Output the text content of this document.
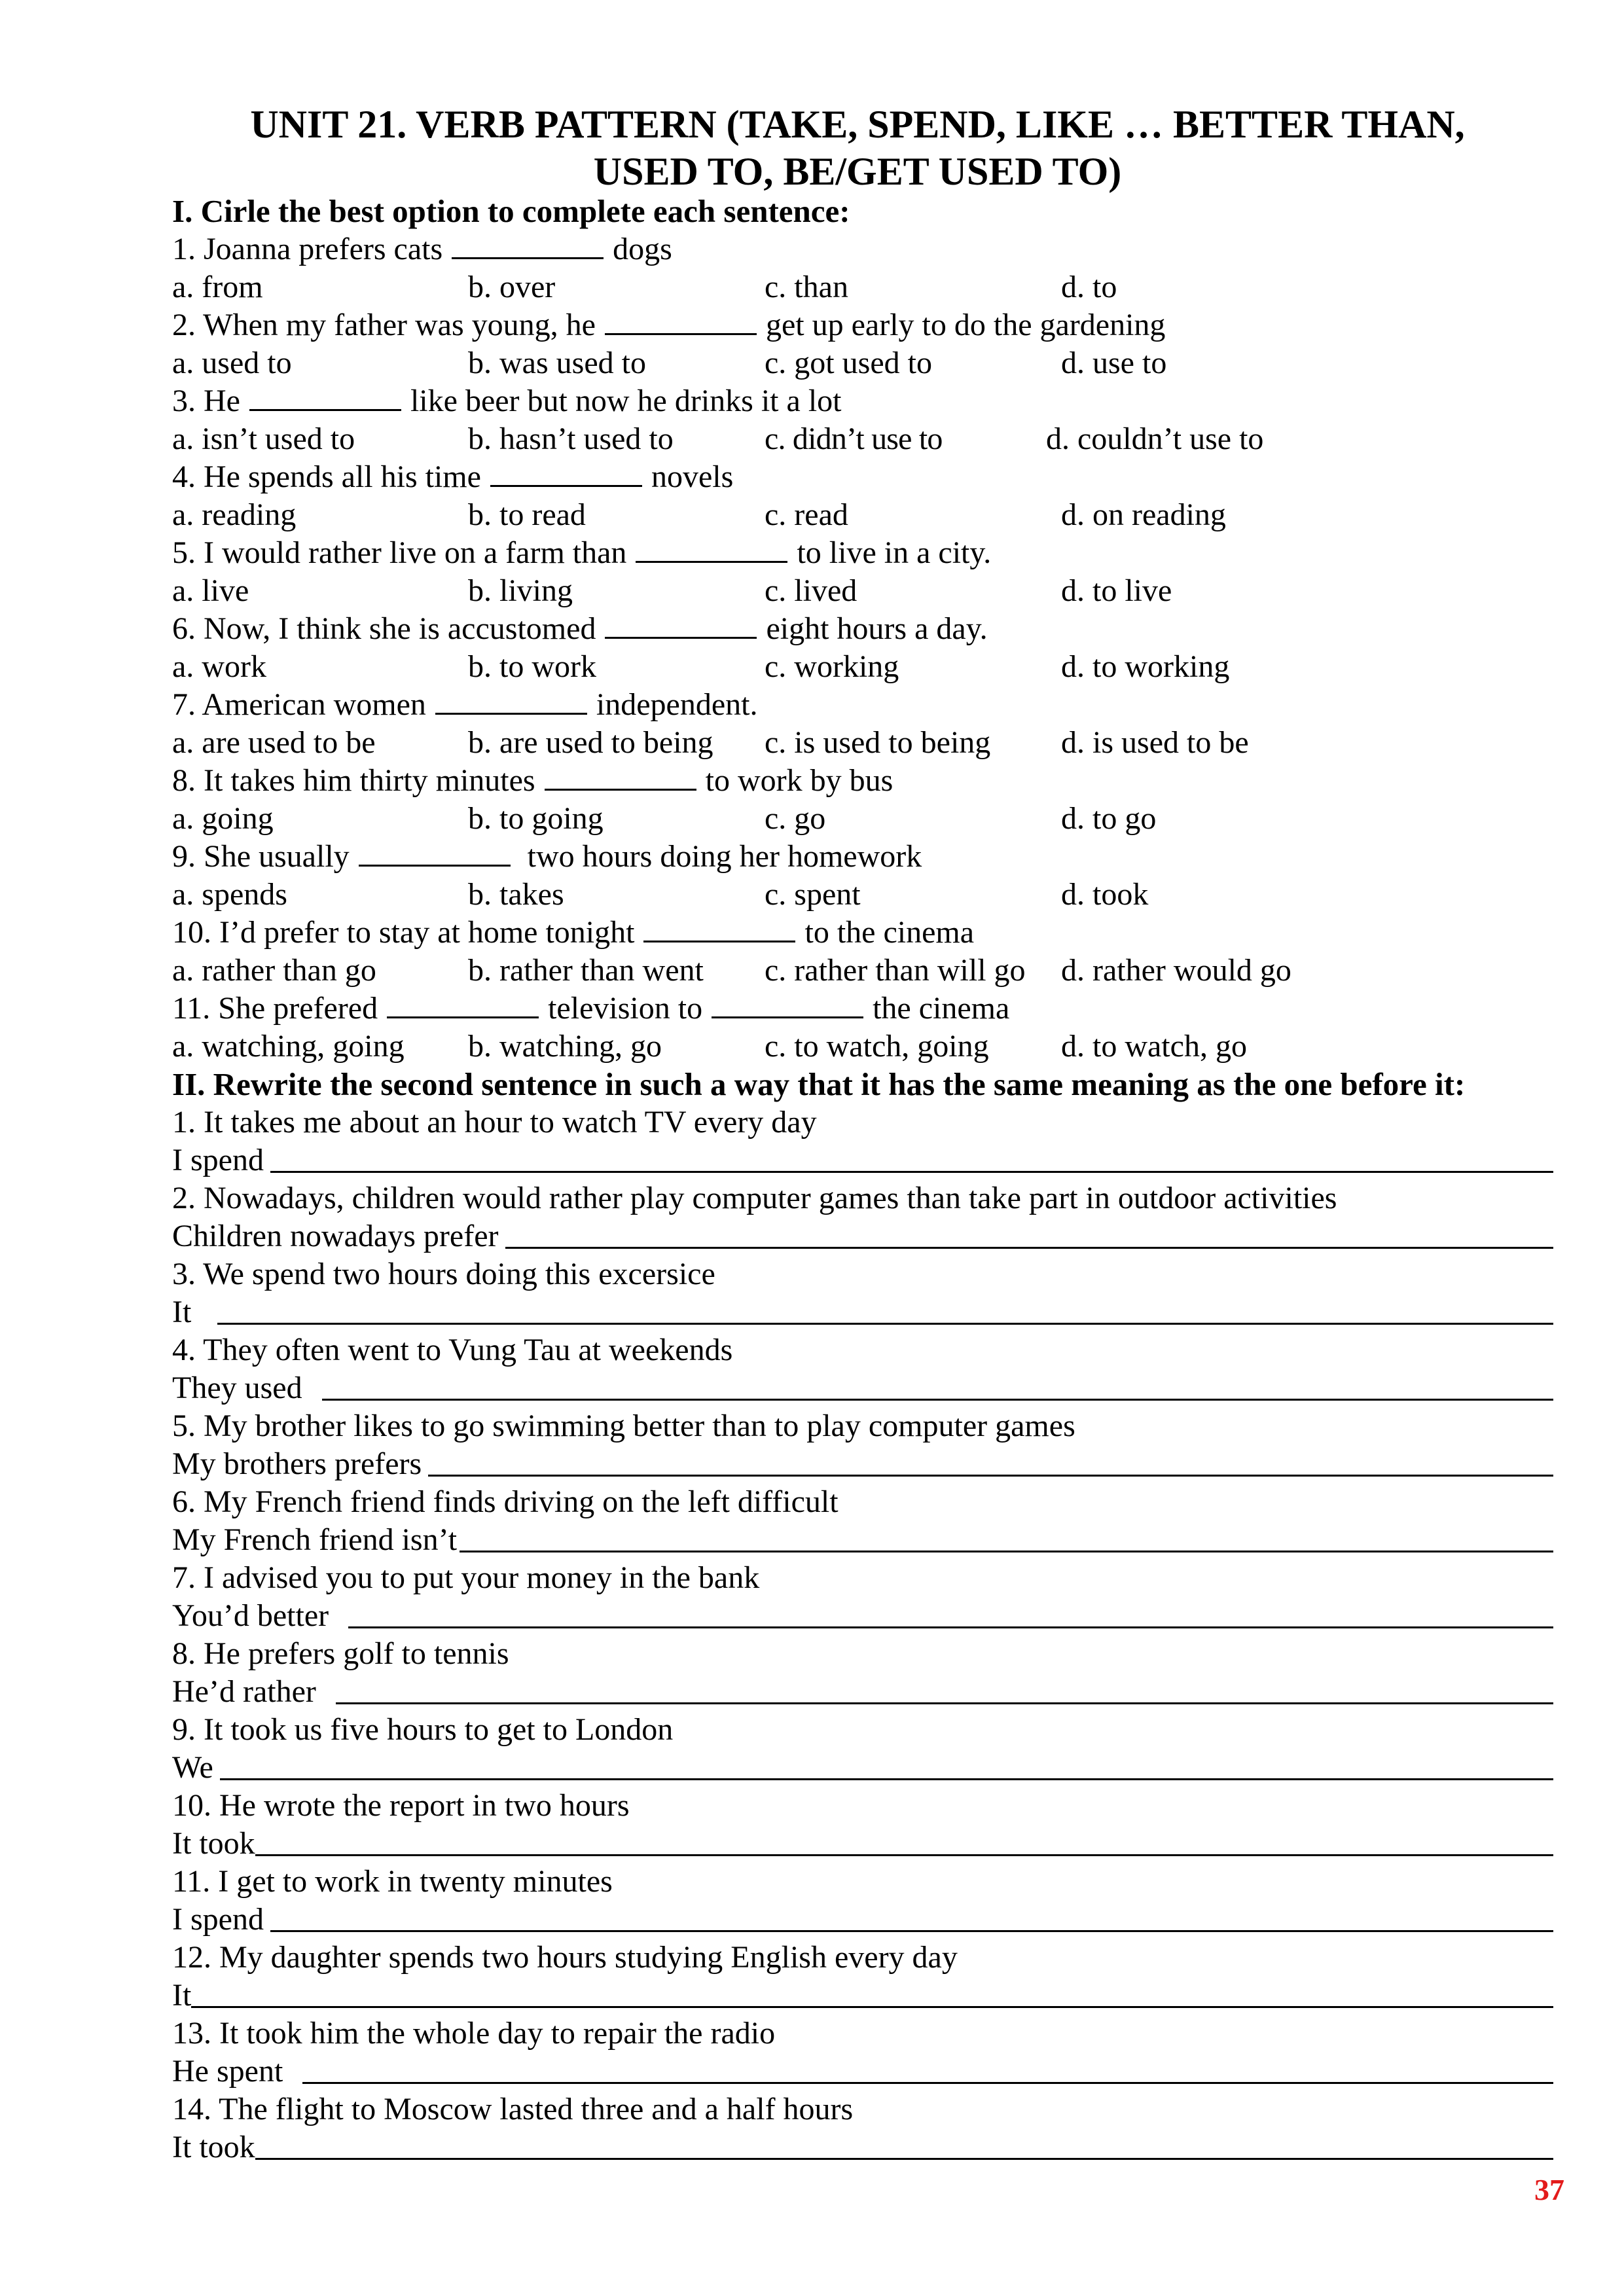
UNIT 21. VERB PATTERN (TAKE, SPEND, LIKE … BETTER THAN,
USED TO, BE/GET USED TO)
I. Cirle the best option to complete each sentence:
1. Joanna prefers cats	dogs
a. from	b. over	c. than	d. to
2. When my father was young, he	get up early to do the gardening
a. used to	b. was used to	c. got used to	d. use to
3. He	like beer but now he drinks it a lot
a. isn’t used to	b. hasn’t used to	c. didn’t use to	d. couldn’t use to
4. He spends all his time	novels
a. reading	b. to read	c. read	d. on reading
5. I would rather live on a farm than	to live in a city.
a. live	b. living	c. lived	d. to live
6. Now, I think she is accustomed	eight hours a day.
a. work	b. to work	c. working	d. to working
7. American women	independent.
a. are used to be	b. are used to being c. is used to being d. is used to be
8. It takes him thirty minutes	to work by bus
a. going	b. to going	c. go	d. to go
9. She usually	two hours doing her homework
a. spends	b. takes	c. spent	d. took
10. I’d prefer to stay at home tonight	to the cinema
a. rather than go	b. rather than went c. rather than will go d. rather would go
11. She prefered	television to	the cinema
a. watching, going b. watching, go	c. to watch, going d. to watch, go
II. Rewrite the second sentence in such a way that it has the same meaning as the one before it:
1. It takes me about an hour to watch TV every day
I spend
2. Nowadays, children would rather play computer games than take part in outdoor activities
Children nowadays prefer
3. We spend two hours doing this excersice
It
4. They often went to Vung Tau at weekends
They used
5. My brother likes to go swimming better than to play computer games
My brothers prefers
6. My French friend finds driving on the left difficult
My French friend isn’t
7. I advised you to put your money in the bank
You’d better
8. He prefers golf to tennis
He’d rather
9. It took us five hours to get to London
We
10. He wrote the report in two hours
It took
11. I get to work in twenty minutes
I spend
12. My daughter spends two hours studying English every day
It
13. It took him the whole day to repair the radio
He spent
14. The flight to Moscow lasted three and a half hours
It took
37
